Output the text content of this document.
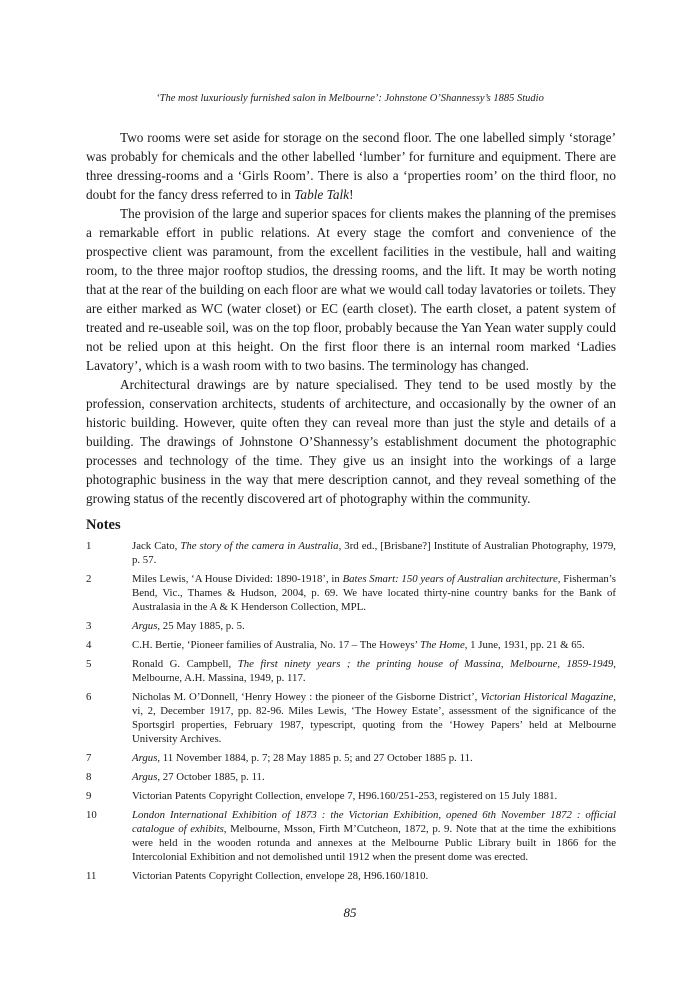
‘The most luxuriously furnished salon in Melbourne’: Johnstone O’Shannessy’s 1885 Studio

Two rooms were set aside for storage on the second floor. The one labelled simply ‘storage’ was probably for chemicals and the other labelled ‘lumber’ for furniture and equipment. There are three dressing-rooms and a ‘Girls Room’. There is also a ‘properties room’ on the third floor, no doubt for the fancy dress referred to in Table Talk!

The provision of the large and superior spaces for clients makes the planning of the premises a remarkable effort in public relations. At every stage the comfort and convenience of the prospective client was paramount, from the excellent facilities in the vestibule, hall and waiting room, to the three major rooftop studios, the dressing rooms, and the lift. It may be worth noting that at the rear of the building on each floor are what we would call today lavatories or toilets. They are either marked as WC (water closet) or EC (earth closet). The earth closet, a patent system of treated and re-useable soil, was on the top floor, probably because the Yan Yean water supply could not be relied upon at this height. On the first floor there is an internal room marked ‘Ladies Lavatory’, which is a wash room with to two basins. The terminology has changed.

Architectural drawings are by nature specialised. They tend to be used mostly by the profession, conservation architects, students of architecture, and occasionally by the owner of an historic building. However, quite often they can reveal more than just the style and details of a building. The drawings of Johnstone O’Shannessy’s establishment document the photographic processes and technology of the time. They give us an insight into the workings of a large photographic business in the way that mere description cannot, and they reveal something of the growing status of the recently discovered art of photography within the community.

Notes
1	Jack Cato, The story of the camera in Australia, 3rd ed., [Brisbane?] Institute of Australian Photography, 1979, p. 57.
2	Miles Lewis, ‘A House Divided: 1890-1918’, in Bates Smart: 150 years of Australian architecture, Fisherman’s Bend, Vic., Thames & Hudson, 2004, p. 69. We have located thirty-nine country banks for the Bank of Australasia in the A & K Henderson Collection, MPL.
3	Argus, 25 May 1885, p. 5.
4	C.H. Bertie, ‘Pioneer families of Australia, No. 17 – The Howeys’ The Home, 1 June, 1931, pp. 21 & 65.
5	Ronald G. Campbell, The first ninety years ; the printing house of Massina, Melbourne, 1859-1949, Melbourne, A.H. Massina, 1949, p. 117.
6	Nicholas M. O’Donnell, ‘Henry Howey : the pioneer of the Gisborne District’, Victorian Historical Magazine, vi, 2, December 1917, pp. 82-96. Miles Lewis, ‘The Howey Estate’, assessment of the significance of the Sportsgirl properties, February 1987, typescript, quoting from the ‘Howey Papers’ held at Melbourne University Archives.
7	Argus, 11 November 1884, p. 7; 28 May 1885 p. 5; and 27 October 1885 p. 11.
8	Argus, 27 October 1885, p. 11.
9	Victorian Patents Copyright Collection, envelope 7, H96.160/251-253, registered on 15 July 1881.
10	London International Exhibition of 1873 : the Victorian Exhibition, opened 6th November 1872 : official catalogue of exhibits, Melbourne, Msson, Firth M’Cutcheon, 1872, p. 9. Note that at the time the exhibitions were held in the wooden rotunda and annexes at the Melbourne Public Library built in 1866 for the Intercolonial Exhibition and not demolished until 1912 when the present dome was erected.
11	Victorian Patents Copyright Collection, envelope 28, H96.160/1810.
85
